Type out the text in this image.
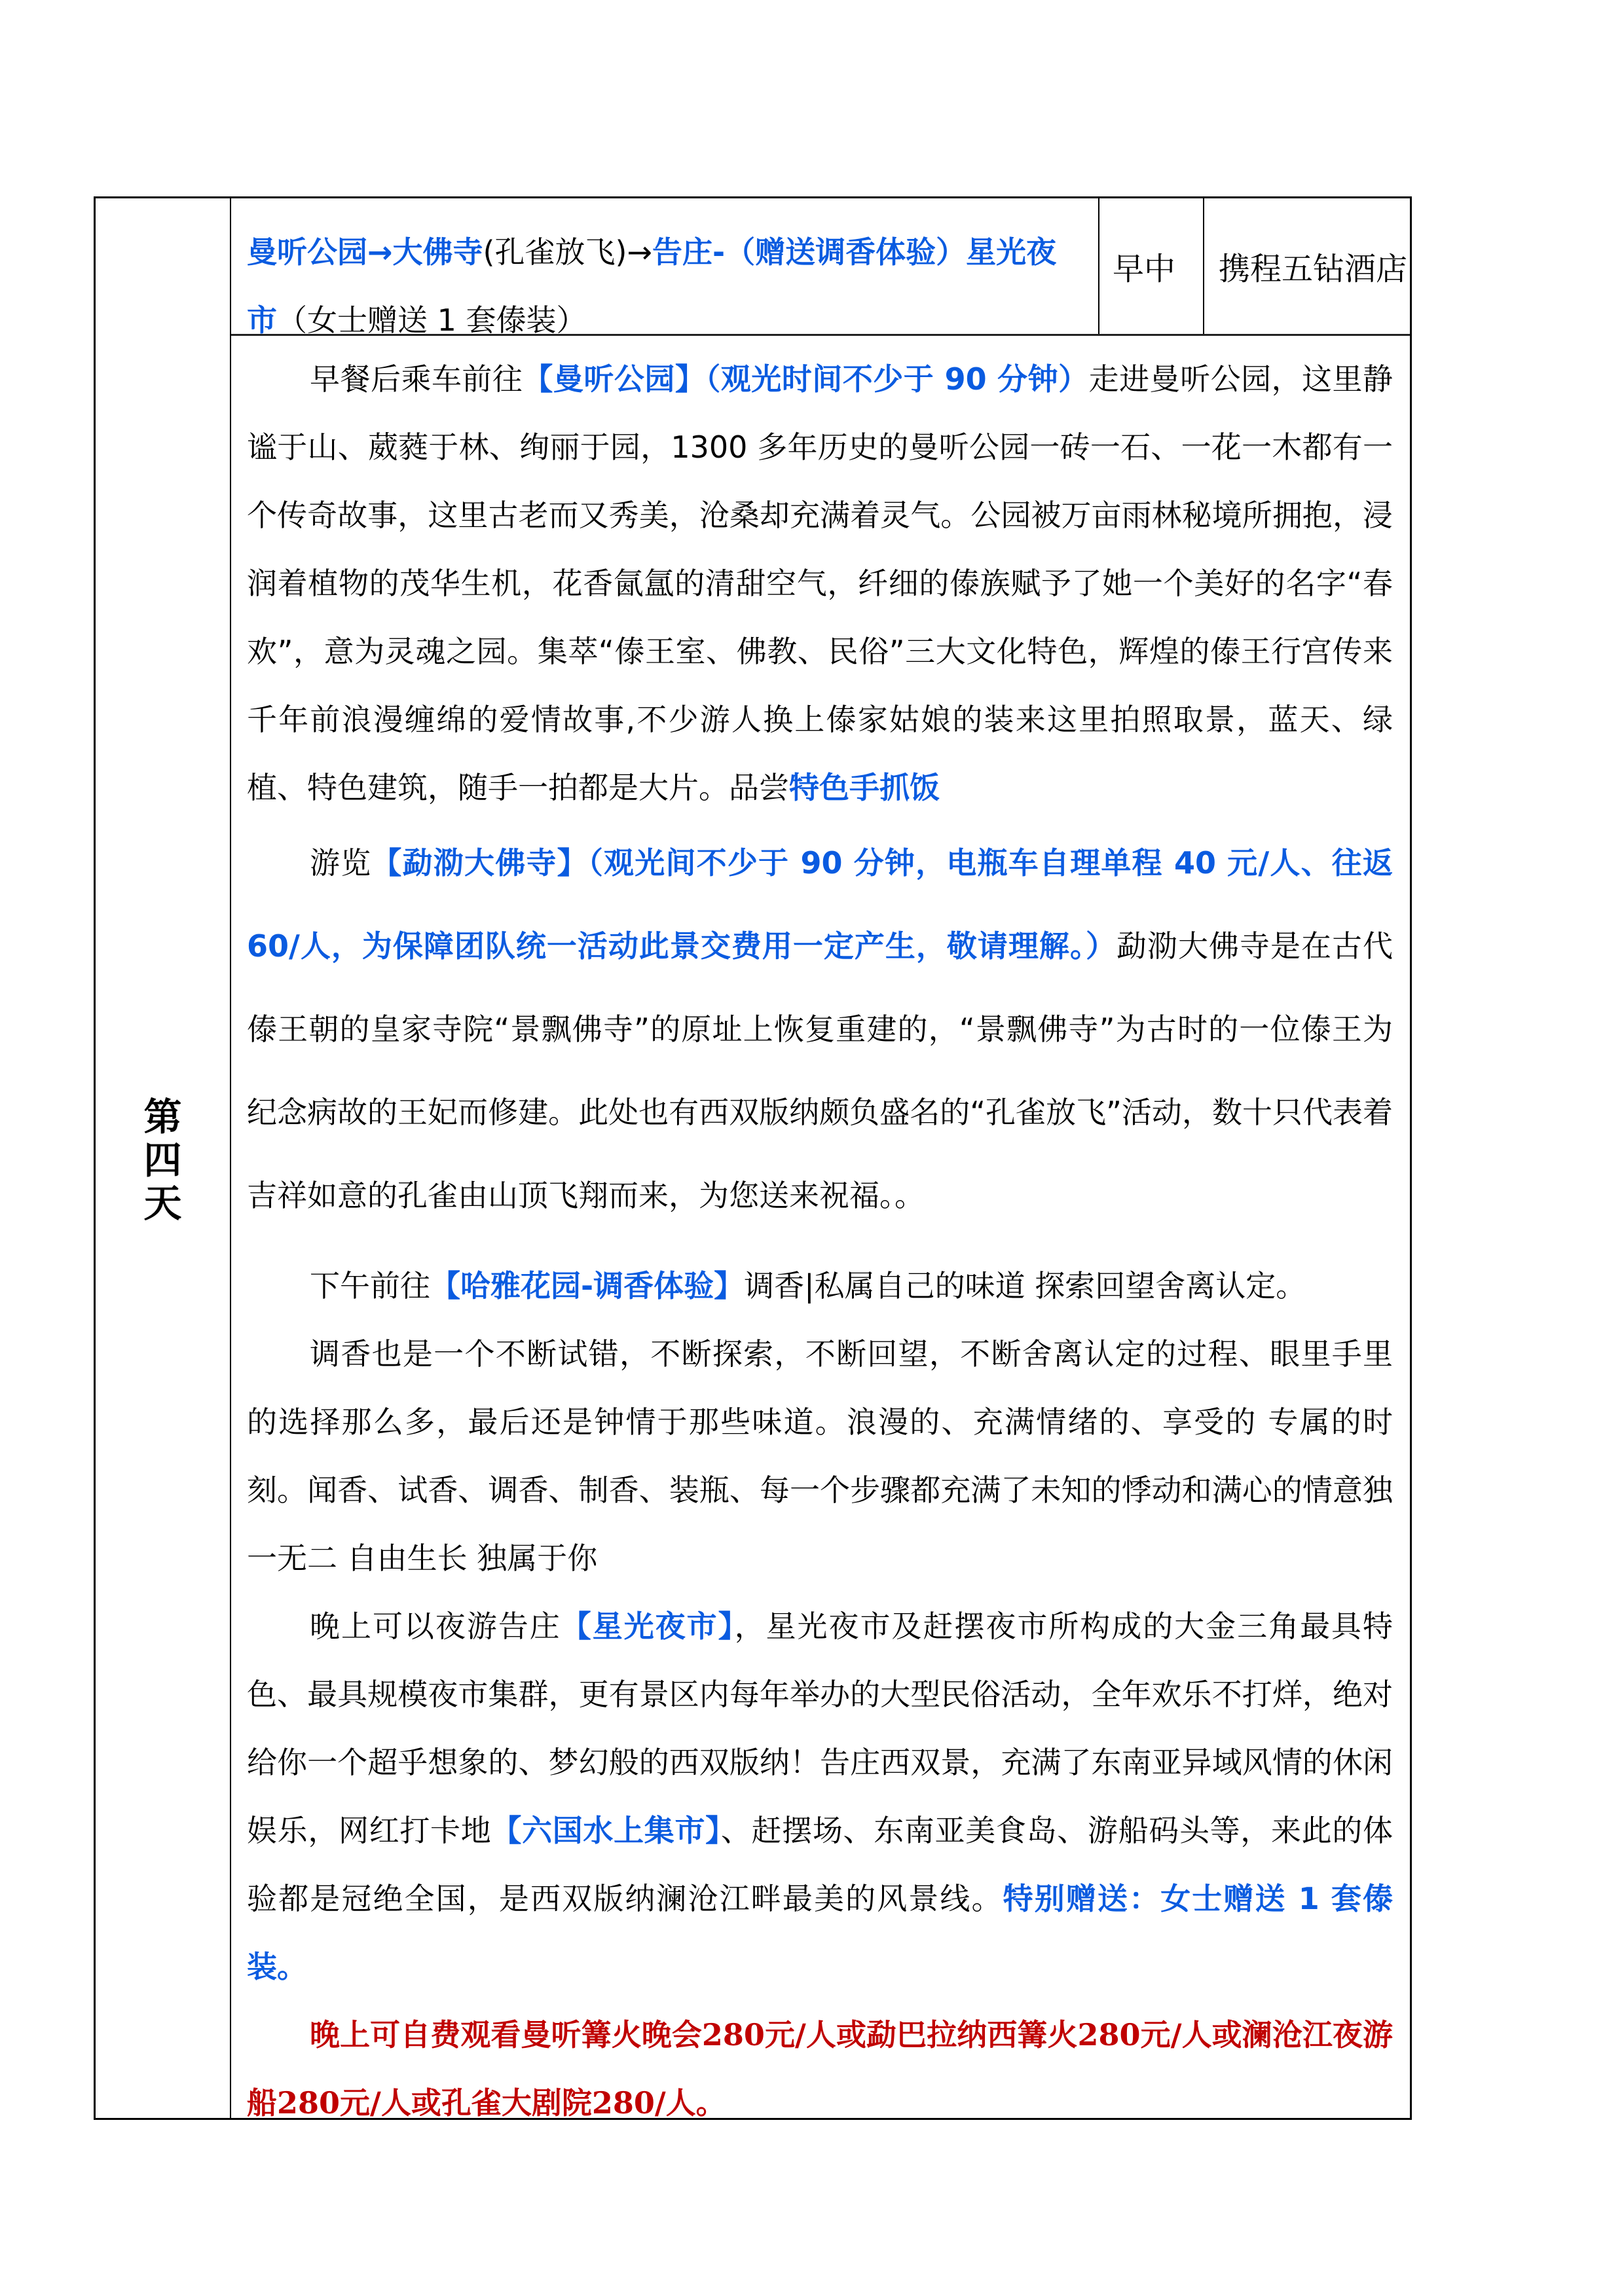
第
四
天
曼听公园→大佛寺(孔雀放飞)→告庄-（赠送调香体验）星光夜市（女士赠送 1 套傣装）
早中 携程五钻酒店

早餐后乘车前往【曼听公园】（观光时间不少于 90 分钟）走进曼听公园，这里静谧于山、葳蕤于林、绚丽于园，1300 多年历史的曼听公园一砖一石、一花一木都有一个传奇故事，这里古老而又秀美，沧桑却充满着灵气。公园被万亩雨林秘境所拥抱，浸润着植物的茂华生机，花香氤氲的清甜空气，纤细的傣族赋予了她一个美好的名字“春欢”，意为灵魂之园。集萃“傣王室、佛教、民俗”三大文化特色，辉煌的傣王行宫传来千年前浪漫缠绵的爱情故事,不少游人换上傣家姑娘的装来这里拍照取景，蓝天、绿植、特色建筑，随手一拍都是大片。品尝特色手抓饭

游览【勐泐大佛寺】（观光间不少于 90 分钟，电瓶车自理单程 40 元/人、往返 60/人，为保障团队统一活动此景交费用一定产生，敬请理解。）勐泐大佛寺是在古代傣王朝的皇家寺院“景飘佛寺”的原址上恢复重建的，“景飘佛寺”为古时的一位傣王为纪念病故的王妃而修建。此处也有西双版纳颇负盛名的“孔雀放飞”活动，数十只代表着吉祥如意的孔雀由山顶飞翔而来，为您送来祝福。。

下午前往【哈雅花园-调香体验】调香|私属自己的味道 探索回望舍离认定。

调香也是一个不断试错，不断探索，不断回望，不断舍离认定的过程、眼里手里的选择那么多，最后还是钟情于那些味道。浪漫的、充满情绪的、享受的 专属的时刻。闻香、试香、调香、制香、装瓶、每一个步骤都充满了未知的悸动和满心的情意独一无二 自由生长 独属于你

晚上可以夜游告庄【星光夜市】，星光夜市及赶摆夜市所构成的大金三角最具特色、最具规模夜市集群，更有景区内每年举办的大型民俗活动，全年欢乐不打烊，绝对给你一个超乎想象的、梦幻般的西双版纳！告庄西双景，充满了东南亚异域风情的休闲娱乐，网红打卡地【六国水上集市】、赶摆场、东南亚美食岛、游船码头等，来此的体验都是冠绝全国，是西双版纳澜沧江畔最美的风景线。特别赠送：女士赠送 1 套傣装。

晚上可自费观看曼听篝火晚会280元/人或勐巴拉纳西篝火280元/人或澜沧江夜游船280元/人或孔雀大剧院280/人。
